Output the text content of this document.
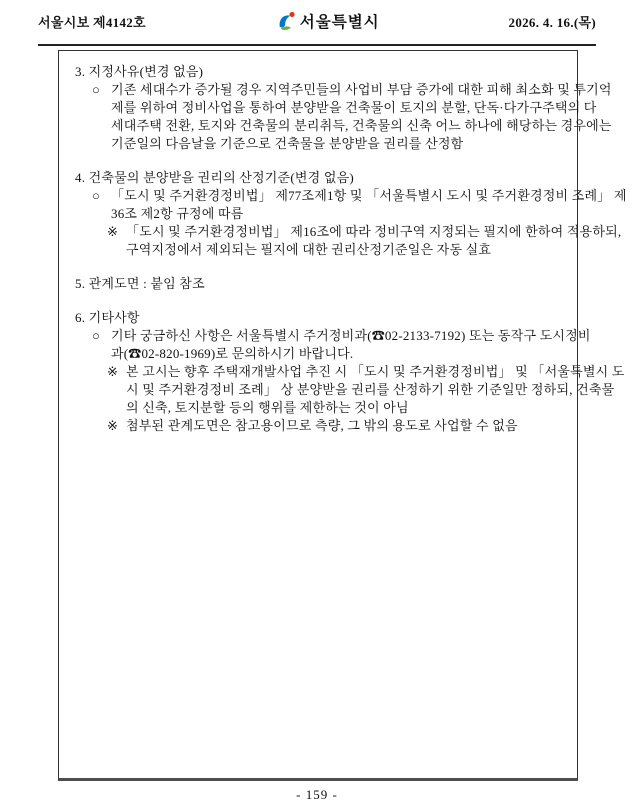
서울시보 제4142호	서울특별시	2026. 4. 16.(목)
3. 지정사유(변경 없음)
○ 기존 세대수가 증가될 경우 지역주민들의 사업비 부담 증가에 대한 피해 최소화 및 투기억
제를 위하여 정비사업을 통하여 분양받을 건축물이 토지의 분할, 단독·다가구주택의 다
세대주택 전환, 토지와 건축물의 분리취득, 건축물의 신축 어느 하나에 해당하는 경우에는
기준일의 다음날을 기준으로 건축물을 분양받을 권리를 산정함
4. 건축물의 분양받을 권리의 산정기준(변경 없음)
○ 「도시 및 주거환경정비법」 제77조제1항 및 「서울특별시 도시 및 주거환경정비 조례」 제
36조 제2항 규정에 따름
※ 「도시 및 주거환경정비법」 제16조에 따라 정비구역 지정되는 필지에 한하여 적용하되,
구역지정에서 제외되는 필지에 대한 권리산정기준일은 자동 실효
5. 관계도면 : 붙임 참조
6. 기타사항
○ 기타 궁금하신 사항은 서울특별시 주거정비과(☎02-2133-7192) 또는 동작구 도시정비
과(☎02-820-1969)로 문의하시기 바랍니다.
※ 본 고시는 향후 주택재개발사업 추진 시 「도시 및 주거환경정비법」 및 「서울특별시 도
시 및 주거환경정비 조례」 상 분양받을 권리를 산정하기 위한 기준일만 정하되, 건축물
의 신축, 토지분할 등의 행위를 제한하는 것이 아님
※ 첨부된 관계도면은 참고용이므로 측량, 그 밖의 용도로 사업할 수 없음
- 159 -
